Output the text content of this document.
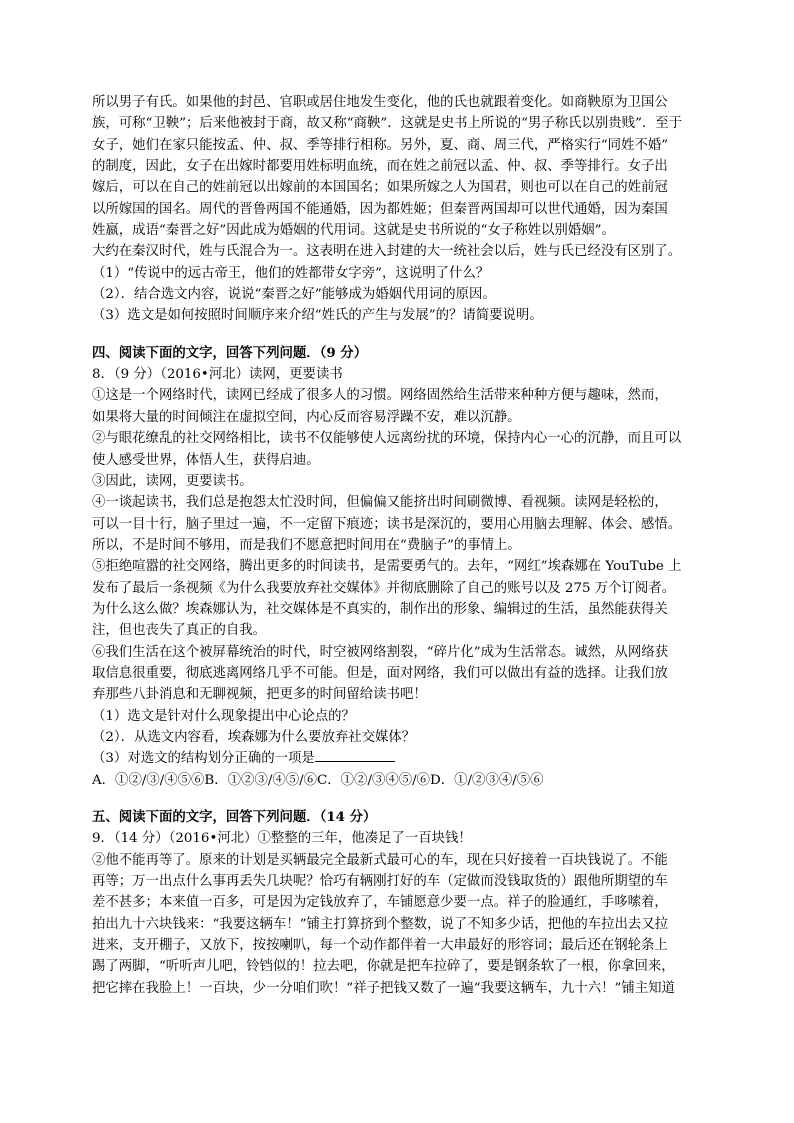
所以男子有氏。如果他的封邑、官职或居住地发生变化，他的氏也就跟着变化。如商鞅原为卫国公
族，可称“卫鞅”；后来他被封于商，故又称“商鞅”．这就是史书上所说的“男子称氏以别贵贱”．至于
女子，她们在家只能按孟、仲、叔、季等排行相称。另外，夏、商、周三代，严格实行“同姓不婚”
的制度，因此，女子在出嫁时都要用姓标明血统，而在姓之前冠以孟、仲、叔、季等排行。女子出
嫁后，可以在自己的姓前冠以出嫁前的本国国名；如果所嫁之人为国君，则也可以在自己的姓前冠
以所嫁国的国名。周代的晋鲁两国不能通婚，因为都姓姬；但秦晋两国却可以世代通婚，因为秦国
姓嬴，成语“秦晋之好”因此成为婚姻的代用词。这就是史书所说的“女子称姓以别婚姻”。
大约在秦汉时代，姓与氏混合为一。这表明在进入封建的大一统社会以后，姓与氏已经没有区别了。
（1）“传说中的远古帝王，他们的姓都带女字旁”，这说明了什么？
（2）．结合选文内容，说说“秦晋之好”能够成为婚姻代用词的原因。
（3）选文是如何按照时间顺序来介绍“姓氏的产生与发展”的？请简要说明。
四、阅读下面的文字，回答下列问题．（9 分）
8．（9 分）（2016•河北）读网，更要读书
①这是一个网络时代，读网已经成了很多人的习惯。网络固然给生活带来种种方便与趣味，然而，
如果将大量的时间倾注在虚拟空间，内心反而容易浮躁不安，难以沉静。
②与眼花缭乱的社交网络相比，读书不仅能够使人远离纷扰的环境，保持内心一心的沉静，而且可以
使人感受世界，体悟人生，获得启迪。
③因此，读网，更要读书。
④一谈起读书，我们总是抱怨太忙没时间，但偏偏又能挤出时间刷微博、看视频。读网是轻松的，
可以一目十行，脑子里过一遍，不一定留下痕迹；读书是深沉的，要用心用脑去理解、体会、感悟。
所以，不是时间不够用，而是我们不愿意把时间用在“费脑子”的事情上。
⑤拒绝喧嚣的社交网络，腾出更多的时间读书，是需要勇气的。去年，“网红”埃森娜在 YouTube 上
发布了最后一条视频《为什么我要放弃社交媒体》并彻底删除了自己的账号以及 275 万个订阅者。
为什么这么做？埃森娜认为，社交媒体是不真实的，制作出的形象、编辑过的生活，虽然能获得关
注，但也丧失了真正的自我。
⑥我们生活在这个被屏幕统治的时代，时空被网络割裂，“碎片化”成为生活常态。诚然，从网络获
取信息很重要，彻底逃离网络几乎不可能。但是，面对网络，我们可以做出有益的选择。让我们放
弃那些八卦消息和无聊视频，把更多的时间留给读书吧！
（1）选文是针对什么现象提出中心论点的？
（2）．从选文内容看，埃森娜为什么要放弃社交媒体？
（3）对选文的结构划分正确的一项是
A．①②/③/④⑤⑥B．①②③/④⑤/⑥C．①②/③④⑤/⑥D．①/②③④/⑤⑥
五、阅读下面的文字，回答下列问题．（14 分）
9．（14 分）（2016•河北）①整整的三年，他凑足了一百块钱！
②他不能再等了。原来的计划是买辆最完全最新式最可心的车，现在只好接着一百块钱说了。不能
再等；万一出点什么事再丢失几块呢？恰巧有辆刚打好的车（定做而没钱取货的）跟他所期望的车
差不甚多；本来值一百多，可是因为定钱放弃了，车铺愿意少要一点。祥子的脸通红，手哆嗦着，
拍出九十六块钱来：“我要这辆车！”铺主打算挤到个整数，说了不知多少话，把他的车拉出去又拉
进来，支开棚子，又放下，按按喇叭，每一个动作都伴着一大串最好的形容词；最后还在钢轮条上
踢了两脚，“听听声儿吧，铃铛似的！拉去吧，你就是把车拉碎了，要是钢条软了一根，你拿回来，
把它摔在我脸上！一百块，少一分咱们吹！”祥子把钱又数了一遍“我要这辆车，九十六！”铺主知道
